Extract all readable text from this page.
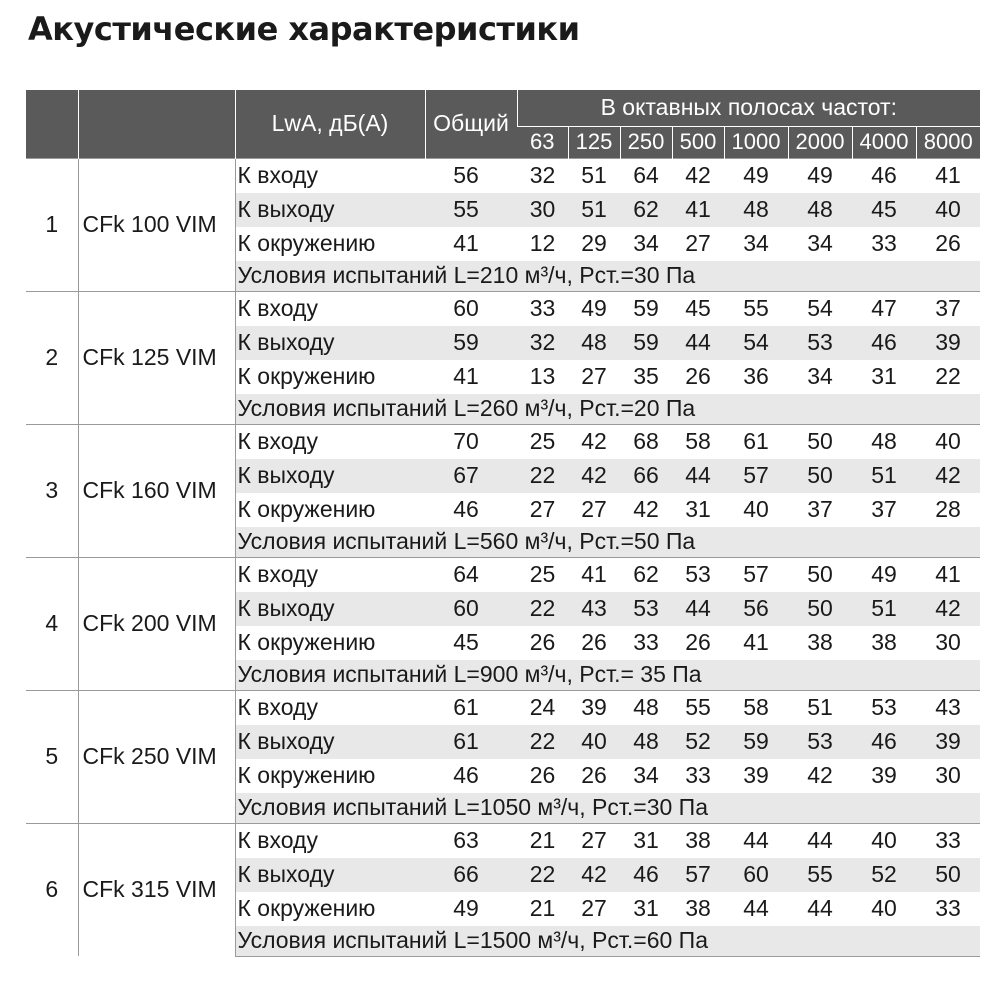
Акустические характеристики
		LwA, дБ(A)	Общий	В октавных полосах частот:							
				63	125	250	500	1000	2000	4000	8000
1	CFk 100 VIM	К входу	56	32	51	64	42	49	49	46	41
		К выходу	55	30	51	62	41	48	48	45	40
		К окружению	41	12	29	34	27	34	34	33	26
		Условия испытаний L=210 м³/ч, Рст.=30 Па									
2	CFk 125 VIM	К входу	60	33	49	59	45	55	54	47	37
		К выходу	59	32	48	59	44	54	53	46	39
		К окружению	41	13	27	35	26	36	34	31	22
		Условия испытаний L=260 м³/ч, Рст.=20 Па									
3	CFk 160 VIM	К входу	70	25	42	68	58	61	50	48	40
		К выходу	67	22	42	66	44	57	50	51	42
		К окружению	46	27	27	42	31	40	37	37	28
		Условия испытаний L=560 м³/ч, Рст.=50 Па									
4	CFk 200 VIM	К входу	64	25	41	62	53	57	50	49	41
		К выходу	60	22	43	53	44	56	50	51	42
		К окружению	45	26	26	33	26	41	38	38	30
		Условия испытаний L=900 м³/ч, Рст.= 35 Па									
5	CFk 250 VIM	К входу	61	24	39	48	55	58	51	53	43
		К выходу	61	22	40	48	52	59	53	46	39
		К окружению	46	26	26	34	33	39	42	39	30
		Условия испытаний L=1050 м³/ч, Рст.=30 Па									
6	CFk 315 VIM	К входу	63	21	27	31	38	44	44	40	33
		К выходу	66	22	42	46	57	60	55	52	50
		К окружению	49	21	27	31	38	44	44	40	33
		Условия испытаний L=1500 м³/ч, Рст.=60 Па									
